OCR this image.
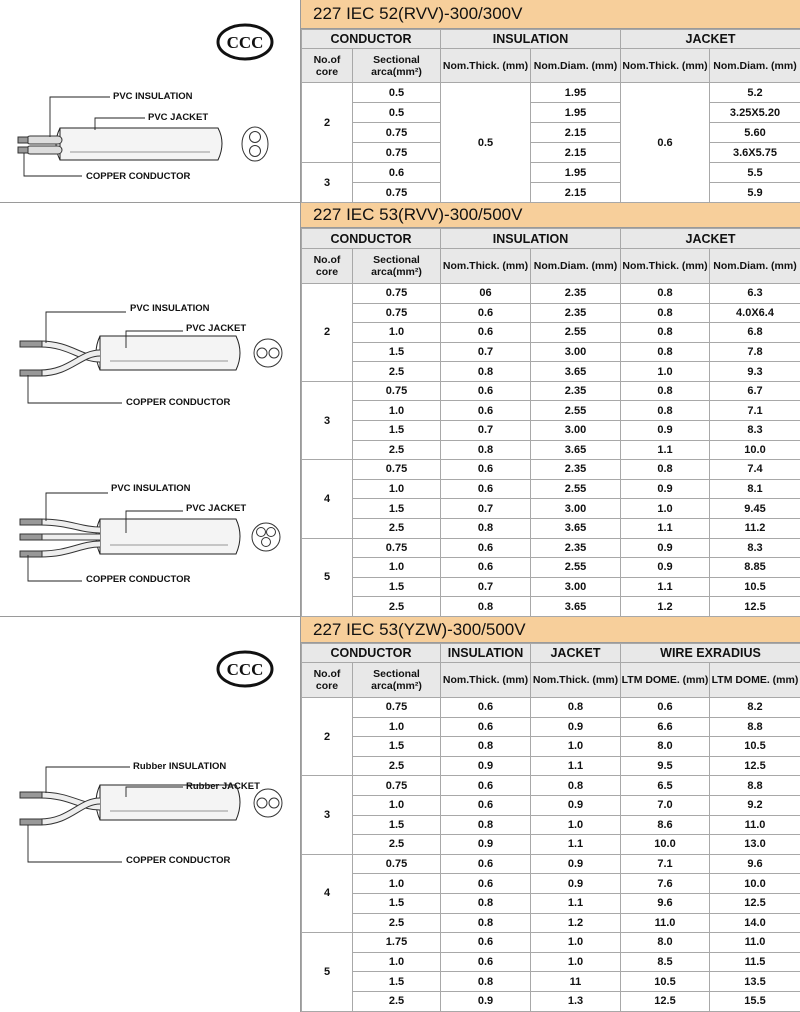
CCC
PVC INSULATION
PVC JACKET
COPPER CONDUCTOR
227 IEC 52(RVV)-300/300V
CONDUCTOR		INSULATION		JACKET	
No.of core	Sectional arca(mm²)	Nom.Thick. (mm)	Nom.Diam. (mm)	Nom.Thick. (mm)	Nom.Diam. (mm)
2	0.5	0.5	1.95	0.6	5.2
	0.5		1.95		3.25X5.20
	0.75		2.15		5.60
	0.75		2.15		3.6X5.75
3	0.6		1.95		5.5
	0.75		2.15		5.9
PVC INSULATION
PVC JACKET
COPPER CONDUCTOR
PVC INSULATION
PVC JACKET
COPPER CONDUCTOR
227 IEC 53(RVV)-300/500V
CONDUCTOR		INSULATION		JACKET	
No.of core	Sectional arca(mm²)	Nom.Thick. (mm)	Nom.Diam. (mm)	Nom.Thick. (mm)	Nom.Diam. (mm)
2	0.75	06	2.35	0.8	6.3
	0.75	0.6	2.35	0.8	4.0X6.4
	1.0	0.6	2.55	0.8	6.8
	1.5	0.7	3.00	0.8	7.8
	2.5	0.8	3.65	1.0	9.3
3	0.75	0.6	2.35	0.8	6.7
	1.0	0.6	2.55	0.8	7.1
	1.5	0.7	3.00	0.9	8.3
	2.5	0.8	3.65	1.1	10.0
4	0.75	0.6	2.35	0.8	7.4
	1.0	0.6	2.55	0.9	8.1
	1.5	0.7	3.00	1.0	9.45
	2.5	0.8	3.65	1.1	11.2
5	0.75	0.6	2.35	0.9	8.3
	1.0	0.6	2.55	0.9	8.85
	1.5	0.7	3.00	1.1	10.5
	2.5	0.8	3.65	1.2	12.5
CCC
Rubber INSULATION
Rubber JACKET
COPPER CONDUCTOR
227 IEC 53(YZW)-300/500V
CONDUCTOR		INSULATION	JACKET	WIRE EXRADIUS	
No.of core	Sectional arca(mm²)	Nom.Thick. (mm)	Nom.Thick. (mm)	LTM DOME. (mm)	LTM DOME. (mm)
2	0.75	0.6	0.8	0.6	8.2
	1.0	0.6	0.9	6.6	8.8
	1.5	0.8	1.0	8.0	10.5
	2.5	0.9	1.1	9.5	12.5
3	0.75	0.6	0.8	6.5	8.8
	1.0	0.6	0.9	7.0	9.2
	1.5	0.8	1.0	8.6	11.0
	2.5	0.9	1.1	10.0	13.0
4	0.75	0.6	0.9	7.1	9.6
	1.0	0.6	0.9	7.6	10.0
	1.5	0.8	1.1	9.6	12.5
	2.5	0.8	1.2	11.0	14.0
5	1.75	0.6	1.0	8.0	11.0
	1.0	0.6	1.0	8.5	11.5
	1.5	0.8	11	10.5	13.5
	2.5	0.9	1.3	12.5	15.5
